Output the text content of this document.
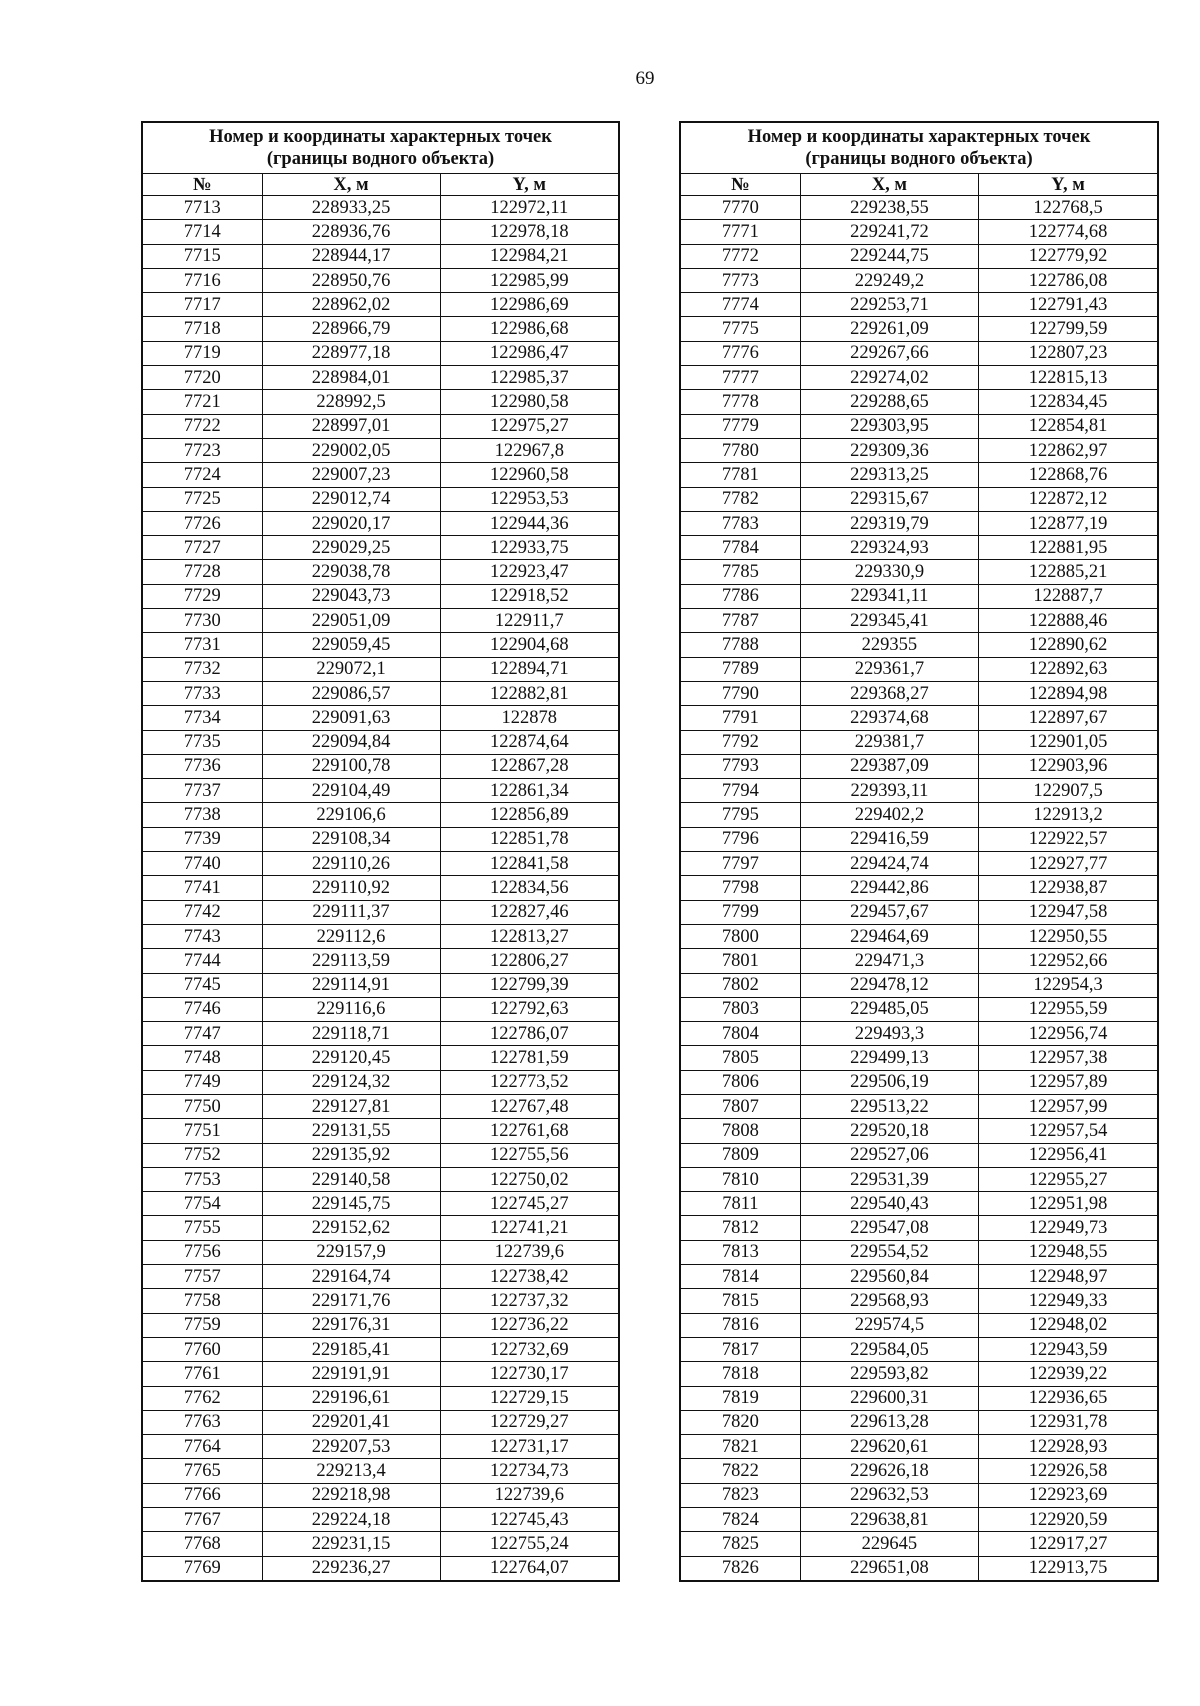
69
Номер и координаты характерных точек
(границы водного объекта)		
№	X, м	Y, м
7713	228933,25	122972,11
7714	228936,76	122978,18
7715	228944,17	122984,21
7716	228950,76	122985,99
7717	228962,02	122986,69
7718	228966,79	122986,68
7719	228977,18	122986,47
7720	228984,01	122985,37
7721	228992,5	122980,58
7722	228997,01	122975,27
7723	229002,05	122967,8
7724	229007,23	122960,58
7725	229012,74	122953,53
7726	229020,17	122944,36
7727	229029,25	122933,75
7728	229038,78	122923,47
7729	229043,73	122918,52
7730	229051,09	122911,7
7731	229059,45	122904,68
7732	229072,1	122894,71
7733	229086,57	122882,81
7734	229091,63	122878
7735	229094,84	122874,64
7736	229100,78	122867,28
7737	229104,49	122861,34
7738	229106,6	122856,89
7739	229108,34	122851,78
7740	229110,26	122841,58
7741	229110,92	122834,56
7742	229111,37	122827,46
7743	229112,6	122813,27
7744	229113,59	122806,27
7745	229114,91	122799,39
7746	229116,6	122792,63
7747	229118,71	122786,07
7748	229120,45	122781,59
7749	229124,32	122773,52
7750	229127,81	122767,48
7751	229131,55	122761,68
7752	229135,92	122755,56
7753	229140,58	122750,02
7754	229145,75	122745,27
7755	229152,62	122741,21
7756	229157,9	122739,6
7757	229164,74	122738,42
7758	229171,76	122737,32
7759	229176,31	122736,22
7760	229185,41	122732,69
7761	229191,91	122730,17
7762	229196,61	122729,15
7763	229201,41	122729,27
7764	229207,53	122731,17
7765	229213,4	122734,73
7766	229218,98	122739,6
7767	229224,18	122745,43
7768	229231,15	122755,24
7769	229236,27	122764,07
Номер и координаты характерных точек
(границы водного объекта)		
№	X, м	Y, м
7770	229238,55	122768,5
7771	229241,72	122774,68
7772	229244,75	122779,92
7773	229249,2	122786,08
7774	229253,71	122791,43
7775	229261,09	122799,59
7776	229267,66	122807,23
7777	229274,02	122815,13
7778	229288,65	122834,45
7779	229303,95	122854,81
7780	229309,36	122862,97
7781	229313,25	122868,76
7782	229315,67	122872,12
7783	229319,79	122877,19
7784	229324,93	122881,95
7785	229330,9	122885,21
7786	229341,11	122887,7
7787	229345,41	122888,46
7788	229355	122890,62
7789	229361,7	122892,63
7790	229368,27	122894,98
7791	229374,68	122897,67
7792	229381,7	122901,05
7793	229387,09	122903,96
7794	229393,11	122907,5
7795	229402,2	122913,2
7796	229416,59	122922,57
7797	229424,74	122927,77
7798	229442,86	122938,87
7799	229457,67	122947,58
7800	229464,69	122950,55
7801	229471,3	122952,66
7802	229478,12	122954,3
7803	229485,05	122955,59
7804	229493,3	122956,74
7805	229499,13	122957,38
7806	229506,19	122957,89
7807	229513,22	122957,99
7808	229520,18	122957,54
7809	229527,06	122956,41
7810	229531,39	122955,27
7811	229540,43	122951,98
7812	229547,08	122949,73
7813	229554,52	122948,55
7814	229560,84	122948,97
7815	229568,93	122949,33
7816	229574,5	122948,02
7817	229584,05	122943,59
7818	229593,82	122939,22
7819	229600,31	122936,65
7820	229613,28	122931,78
7821	229620,61	122928,93
7822	229626,18	122926,58
7823	229632,53	122923,69
7824	229638,81	122920,59
7825	229645	122917,27
7826	229651,08	122913,75
